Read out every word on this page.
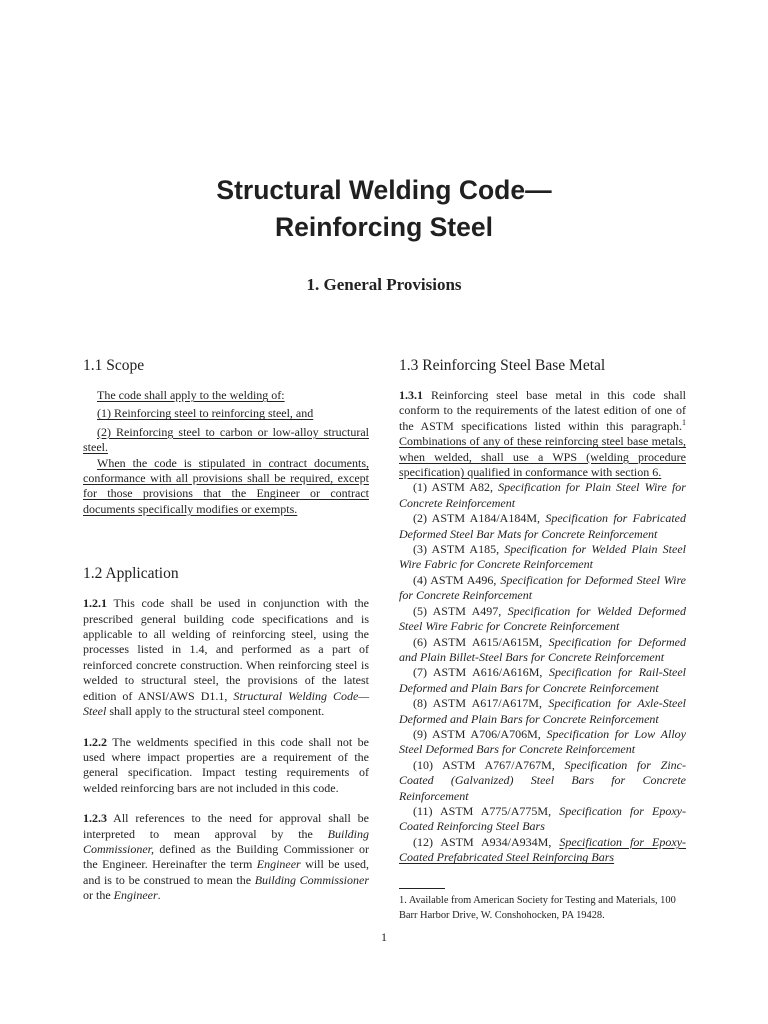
Structural Welding Code—
Reinforcing Steel
1. General Provisions
1.1 Scope

The code shall apply to the welding of:

(1) Reinforcing steel to reinforcing steel, and

(2) Reinforcing steel to carbon or low-alloy structural steel.

When the code is stipulated in contract documents, conformance with all provisions shall be required, except for those provisions that the Engineer or contract documents specifically modifies or exempts.

1.2 Application

1.2.1 This code shall be used in conjunction with the prescribed general building code specifications and is applicable to all welding of reinforcing steel, using the processes listed in 1.4, and performed as a part of reinforced concrete construction. When reinforcing steel is welded to structural steel, the provisions of the latest edition of ANSI/AWS D1.1, Structural Welding Code—Steel shall apply to the structural steel component.

1.2.2 The weldments specified in this code shall not be used where impact properties are a requirement of the general specification. Impact testing requirements of welded reinforcing bars are not included in this code.

1.2.3 All references to the need for approval shall be interpreted to mean approval by the Building Commissioner, defined as the Building Commissioner or the Engineer. Hereinafter the term Engineer will be used, and is to be construed to mean the Building Commissioner or the Engineer.

1.3 Reinforcing Steel Base Metal

1.3.1 Reinforcing steel base metal in this code shall conform to the requirements of the latest edition of one of the ASTM specifications listed within this paragraph.$^1$ Combinations of any of these reinforcing steel base metals, when welded, shall use a WPS (welding procedure specification) qualified in conformance with section 6.

(1) ASTM A82, Specification for Plain Steel Wire for Concrete Reinforcement

(2) ASTM A184/A184M, Specification for Fabricated Deformed Steel Bar Mats for Concrete Reinforcement

(3) ASTM A185, Specification for Welded Plain Steel Wire Fabric for Concrete Reinforcement

(4) ASTM A496, Specification for Deformed Steel Wire for Concrete Reinforcement

(5) ASTM A497, Specification for Welded Deformed Steel Wire Fabric for Concrete Reinforcement

(6) ASTM A615/A615M, Specification for Deformed and Plain Billet-Steel Bars for Concrete Reinforcement

(7) ASTM A616/A616M, Specification for Rail-Steel Deformed and Plain Bars for Concrete Reinforcement

(8) ASTM A617/A617M, Specification for Axle-Steel Deformed and Plain Bars for Concrete Reinforcement

(9) ASTM A706/A706M, Specification for Low Alloy Steel Deformed Bars for Concrete Reinforcement

(10) ASTM A767/A767M, Specification for Zinc-Coated (Galvanized) Steel Bars for Concrete Reinforcement

(11) ASTM A775/A775M, Specification for Epoxy-Coated Reinforcing Steel Bars

(12) ASTM A934/A934M, Specification for Epoxy-Coated Prefabricated Steel Reinforcing Bars

1. Available from American Society for Testing and Materials, 100 Barr Harbor Drive, W. Conshohocken, PA 19428.

1
